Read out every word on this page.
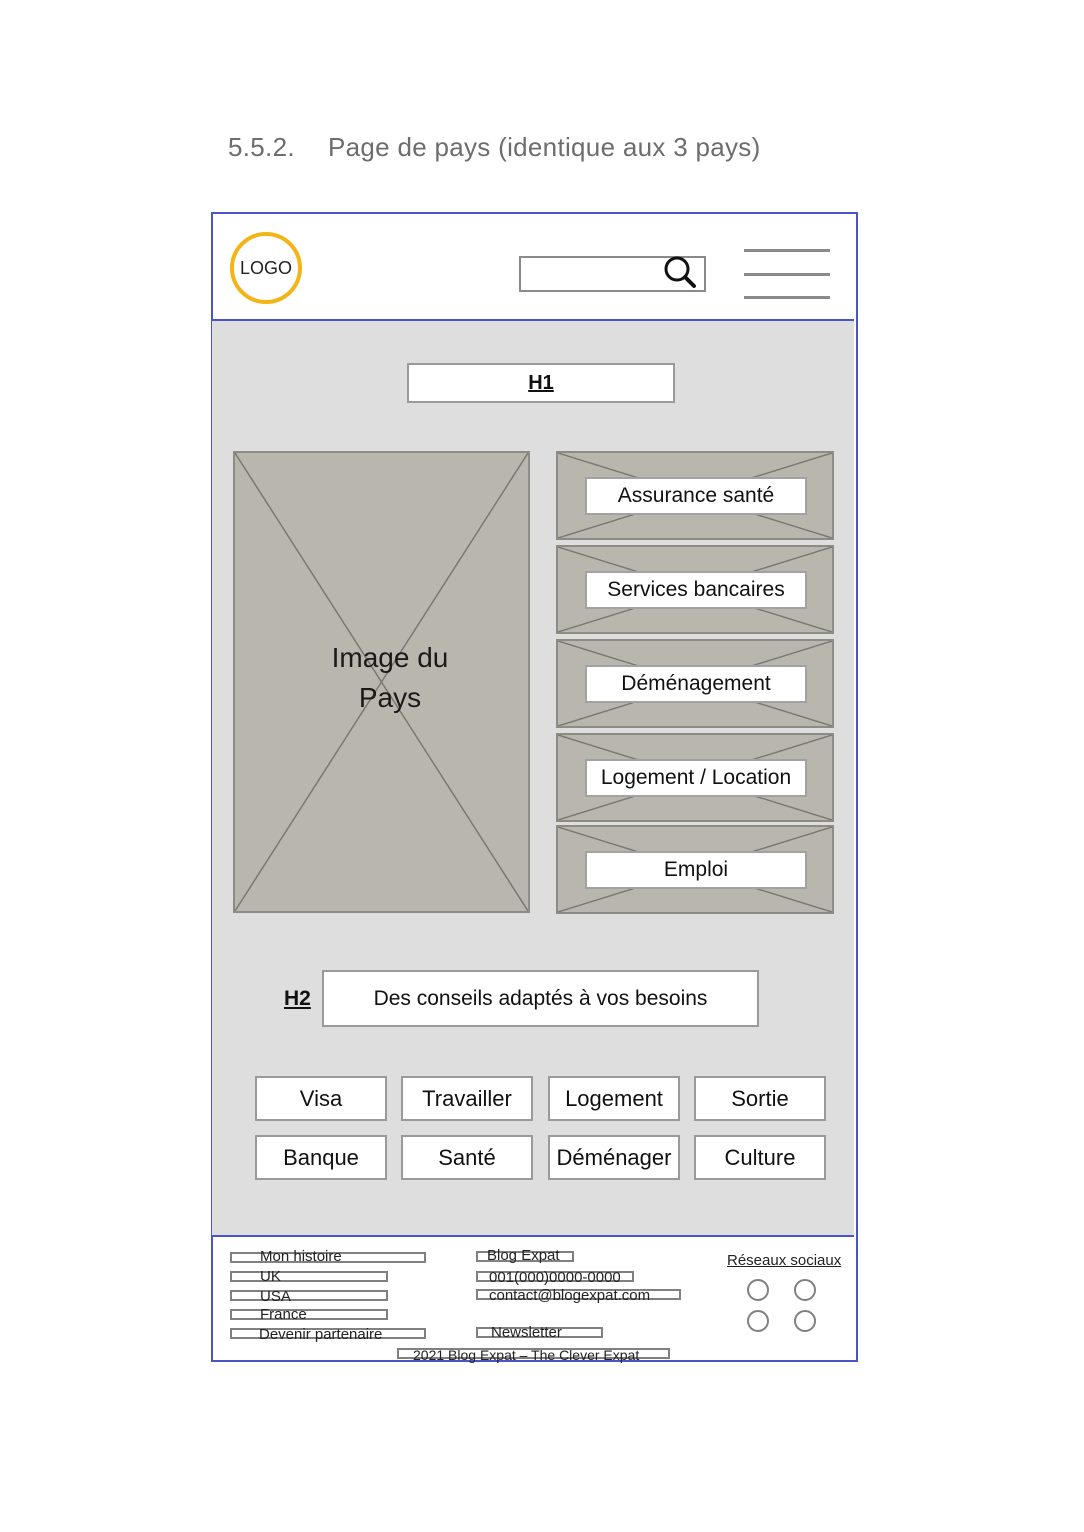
5.5.2. Page de pays (identique aux 3 pays)
LOGO
H1
Image du
Pays
Assurance santé
Services bancaires
Déménagement
Logement / Location
Emploi
H2	Des conseils adaptés à vos besoins
Visa	Travailler	Logement	Sortie
Banque	Santé	Déménager	Culture
Mon histoire
UK
USA
France
Devenir partenaire
Blog Expat
001(000)0000-0000
contact@blogexpat.com
Newsletter
Réseaux sociaux
2021 Blog Expat – The Clever Expat
